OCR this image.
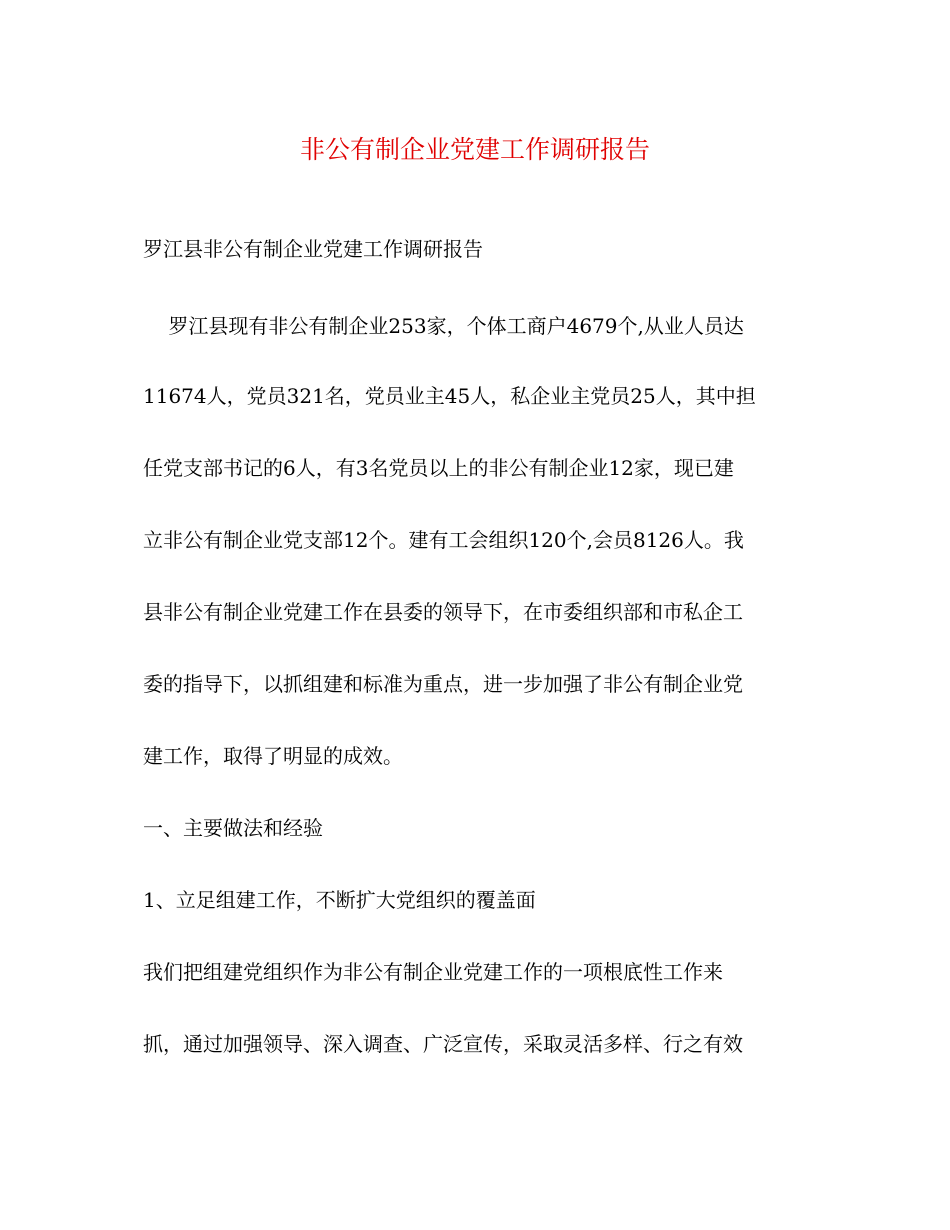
非公有制企业党建工作调研报告
罗江县非公有制企业党建工作调研报告
罗江县现有非公有制企业253家，个体工商户4679个,从业人员达
11674人，党员321名，党员业主45人，私企业主党员25人，其中担
任党支部书记的6人，有3名党员以上的非公有制企业12家，现已建
立非公有制企业党支部12个。建有工会组织120个,会员8126人。我
县非公有制企业党建工作在县委的领导下，在市委组织部和市私企工
委的指导下，以抓组建和标准为重点，进一步加强了非公有制企业党
建工作，取得了明显的成效。
一、主要做法和经验
1、立足组建工作，不断扩大党组织的覆盖面
我们把组建党组织作为非公有制企业党建工作的一项根底性工作来
抓，通过加强领导、深入调查、广泛宣传，采取灵活多样、行之有效
